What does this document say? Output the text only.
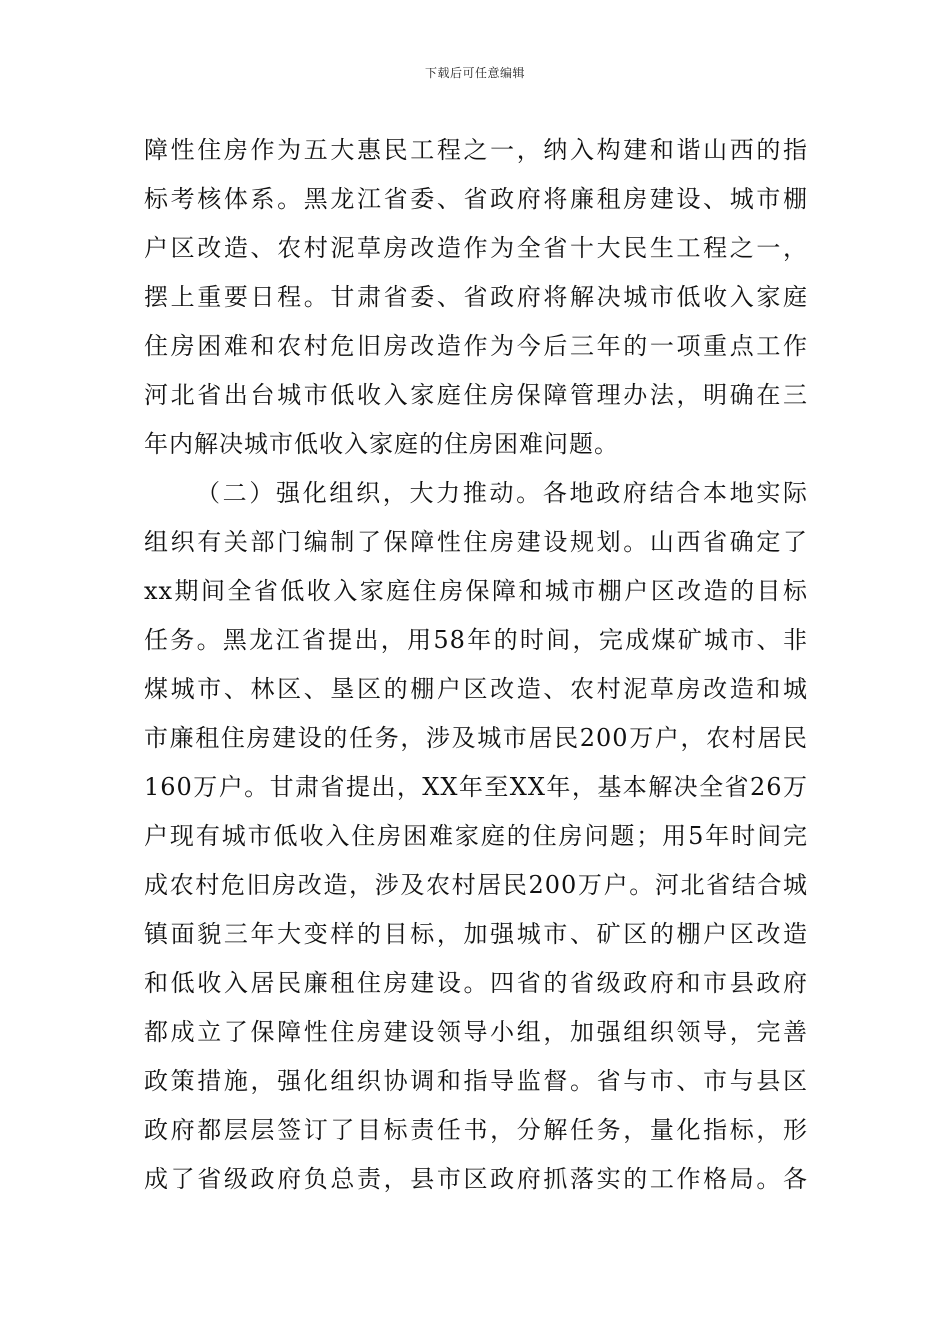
下载后可任意编辑
障性住房作为五大惠民工程之一，纳入构建和谐山西的指
标考核体系。黑龙江省委、省政府将廉租房建设、城市棚
户区改造、农村泥草房改造作为全省十大民生工程之一，
摆上重要日程。甘肃省委、省政府将解决城市低收入家庭
住房困难和农村危旧房改造作为今后三年的一项重点工作
河北省出台城市低收入家庭住房保障管理办法，明确在三
年内解决城市低收入家庭的住房困难问题。
（二）强化组织，大力推动。各地政府结合本地实际
组织有关部门编制了保障性住房建设规划。山西省确定了
xx期间全省低收入家庭住房保障和城市棚户区改造的目标
任务。黑龙江省提出，用58年的时间，完成煤矿城市、非
煤城市、林区、垦区的棚户区改造、农村泥草房改造和城
市廉租住房建设的任务，涉及城市居民200万户，农村居民
160万户。甘肃省提出，XX年至XX年，基本解决全省26万
户现有城市低收入住房困难家庭的住房问题；用5年时间完
成农村危旧房改造，涉及农村居民200万户。河北省结合城
镇面貌三年大变样的目标，加强城市、矿区的棚户区改造
和低收入居民廉租住房建设。四省的省级政府和市县政府
都成立了保障性住房建设领导小组，加强组织领导，完善
政策措施，强化组织协调和指导监督。省与市、市与县区
政府都层层签订了目标责任书，分解任务，量化指标，形
成了省级政府负总责，县市区政府抓落实的工作格局。各
